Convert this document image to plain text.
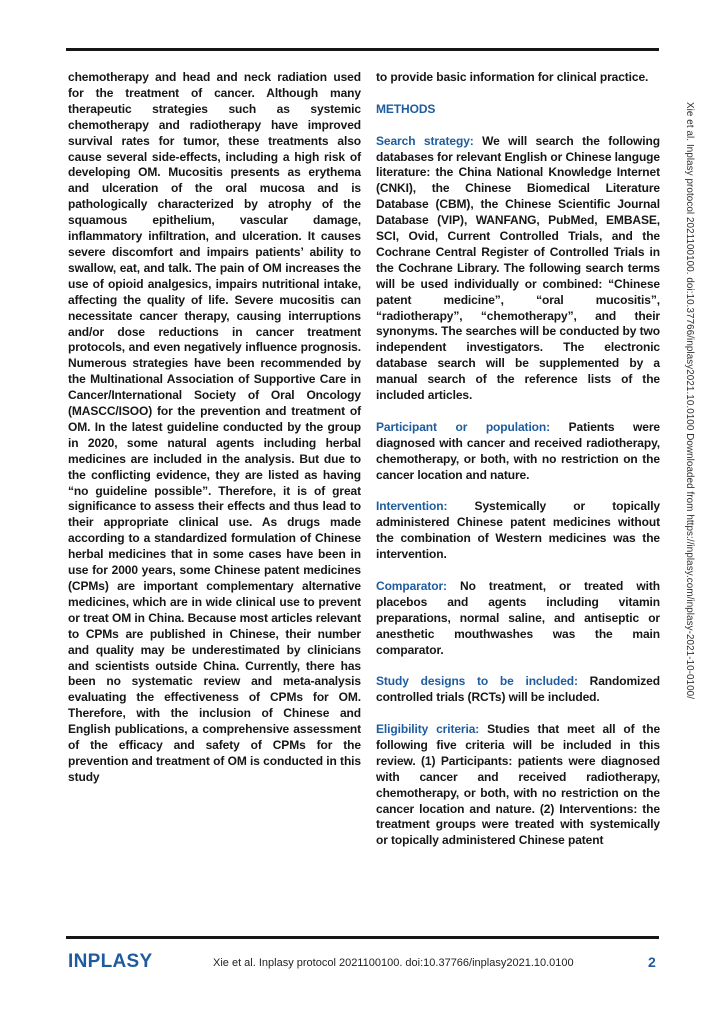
chemotherapy and head and neck radiation used for the treatment of cancer. Although many therapeutic strategies such as systemic chemotherapy and radiotherapy have improved survival rates for tumor, these treatments also cause several side-effects, including a high risk of developing OM. Mucositis presents as erythema and ulceration of the oral mucosa and is pathologically characterized by atrophy of the squamous epithelium, vascular damage, inflammatory infiltration, and ulceration. It causes severe discomfort and impairs patients’ ability to swallow, eat, and talk. The pain of OM increases the use of opioid analgesics, impairs nutritional intake, affecting the quality of life. Severe mucositis can necessitate cancer therapy, causing interruptions and/or dose reductions in cancer treatment protocols, and even negatively influence prognosis. Numerous strategies have been recommended by the Multinational Association of Supportive Care in Cancer/International Society of Oral Oncology (MASCC/ISOO) for the prevention and treatment of OM. In the latest guideline conducted by the group in 2020, some natural agents including herbal medicines are included in the analysis. But due to the conflicting evidence, they are listed as having “no guideline possible”. Therefore, it is of great significance to assess their effects and thus lead to their appropriate clinical use. As drugs made according to a standardized formulation of Chinese herbal medicines that in some cases have been in use for 2000 years, some Chinese patent medicines (CPMs) are important complementary alternative medicines, which are in wide clinical use to prevent or treat OM in China. Because most articles relevant to CPMs are published in Chinese, their number and quality may be underestimated by clinicians and scientists outside China. Currently, there has been no systematic review and meta-analysis evaluating the effectiveness of CPMs for OM. Therefore, with the inclusion of Chinese and English publications, a comprehensive assessment of the efficacy and safety of CPMs for the prevention and treatment of OM is conducted in this study

to provide basic information for clinical practice.

METHODS

Search strategy: We will search the following databases for relevant English or Chinese languge literature: the China National Knowledge Internet (CNKI), the Chinese Biomedical Literature Database (CBM), the Chinese Scientific Journal Database (VIP), WANFANG, PubMed, EMBASE, SCI, Ovid, Current Controlled Trials, and the Cochrane Central Register of Controlled Trials in the Cochrane Library. The following search terms will be used individually or combined: “Chinese patent medicine”, “oral mucositis”, “radiotherapy”, “chemotherapy”, and their synonyms. The searches will be conducted by two independent investigators. The electronic database search will be supplemented by a manual search of the reference lists of the included articles.

Participant or population: Patients were diagnosed with cancer and received radiotherapy, chemotherapy, or both, with no restriction on the cancer location and nature.

Intervention: Systemically or topically administered Chinese patent medicines without the combination of Western medicines was the intervention.

Comparator: No treatment, or treated with placebos and agents including vitamin preparations, normal saline, and antiseptic or anesthetic mouthwashes was the main comparator.

Study designs to be included: Randomized controlled trials (RCTs) will be included.

Eligibility criteria: Studies that meet all of the following five criteria will be included in this review. (1) Participants: patients were diagnosed with cancer and received radiotherapy, chemotherapy, or both, with no restriction on the cancer location and nature. (2) Interventions: the treatment groups were treated with systemically or topically administered Chinese patent

INPLASY	Xie et al. Inplasy protocol 2021100100. doi:10.37766/inplasy2021.10.0100	2
Xie et al. Inplasy protocol 2021100100. doi:10.37766/inplasy2021.10.0100 Downloaded from https://inplasy.com/inplasy-2021-10-0100/
